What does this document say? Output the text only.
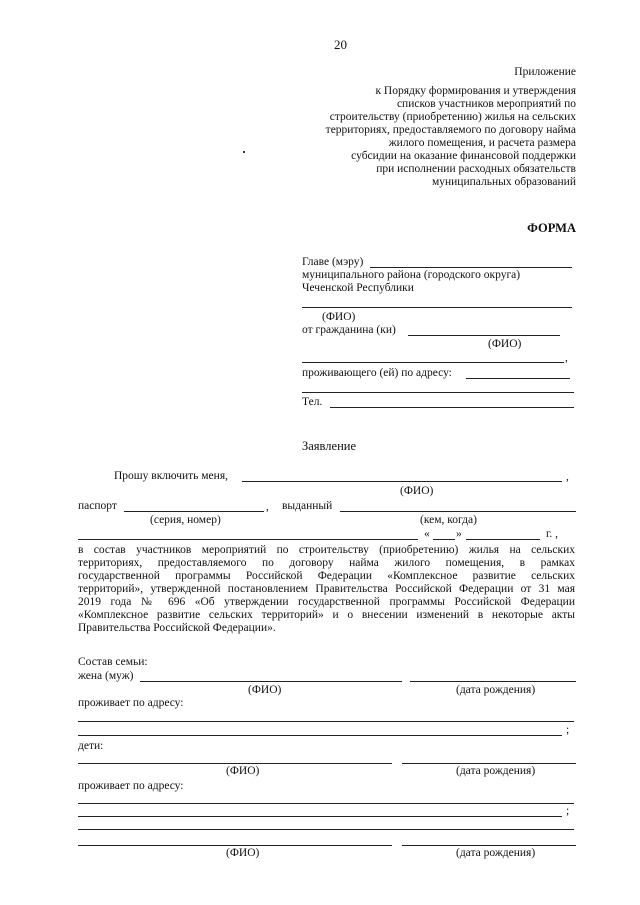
20
Приложение
к Порядку формирования и утверждения
списков участников мероприятий по
строительству (приобретению) жилья на сельских
территориях, предоставляемого по договору найма
жилого помещения, и расчета размера
субсидии на оказание финансовой поддержки
при исполнении расходных обязательств
муниципальных образований
ФОРМА
Главе (мэру)
муниципального района (городского округа)
Чеченской Республики
(ФИО)
от гражданина (ки)
(ФИО)
,
проживающего (ей) по адресу:
Тел.
Заявление
Прошу включить меня,	,
(ФИО)
паспорт	, выданный
(серия, номер)	(кем, когда)
« »	г. ,
в состав участников мероприятий по строительству (приобретению) жилья на сельских
территориях, предоставляемого по договору найма жилого помещения, в рамках
государственной программы Российской Федерации «Комплексное развитие сельских
территорий», утвержденной постановлением Правительства Российской Федерации от 31 мая
2019 года № 696 «Об утверждении государственной программы Российской Федерации
«Комплексное развитие сельских территорий» и о внесении изменений в некоторые акты
Правительства Российской Федерации».
Состав семьи:
жена (муж)
(ФИО)	(дата рождения)
проживает по адресу:
;
дети:
(ФИО)	(дата рождения)
проживает по адресу:
;
(ФИО)	(дата рождения)
